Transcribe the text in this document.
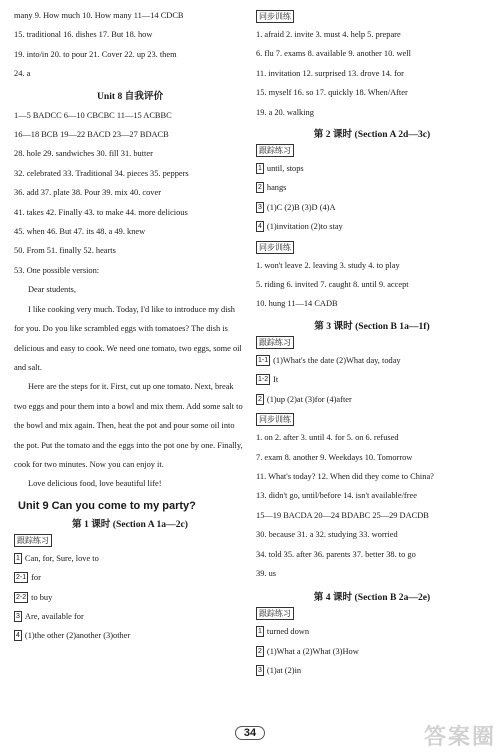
many 9. How much 10. How many 11—14 CDCB
15. traditional 16. dishes 17. But 18. how
19. into/in 20. to pour 21. Cover 22. up 23. them
24. a
Unit 8 自我评价
1—5 BADCC 6—10 CBCBC 11—15 ACBBC
16—18 BCB 19—22 BACD 23—27 BDACB
28. hole 29. sandwiches 30. fill 31. butter
32. celebrated 33. Traditional 34. pieces 35. peppers
36. add 37. plate 38. Pour 39. mix 40. cover
41. takes 42. Finally 43. to make 44. more delicious
45. when 46. But 47. its 48. a 49. knew
50. From 51. finally 52. hearts
53. One possible version:
Dear students,
I like cooking very much. Today, I'd like to introduce my dish for you. Do you like scrambled eggs with tomatoes? The dish is delicious and easy to cook. We need one tomato, two eggs, some oil and salt.
Here are the steps for it. First, cut up one tomato. Next, break two eggs and pour them into a bowl and mix them. Add some salt to the bowl and mix again. Then, heat the pot and pour some oil into the pot. Put the tomato and the eggs into the pot one by one. Finally, cook for two minutes. Now you can enjoy it.
Love delicious food, love beautiful life!
Unit 9 Can you come to my party?
第 1 课时 (Section A 1a—2c)
跟踪练习
1 Can, for, Sure, love to
2-1 for
2-2 to buy
3 Are, available for
4 (1)the other (2)another (3)other
同步训练
1. afraid 2. invite 3. must 4. help 5. prepare
6. flu 7. exams 8. available 9. another 10. well
11. invitation 12. surprised 13. drove 14. for
15. myself 16. so 17. quickly 18. When/After
19. a 20. walking
第 2 课时 (Section A 2d—3c)
跟踪练习
1 until, stops
2 hangs
3 (1)C (2)B (3)D (4)A
4 (1)invitation (2)to stay
同步训练
1. won't leave 2. leaving 3. study 4. to play
5. riding 6. invited 7. caught 8. until 9. accept
10. hung 11—14 CADB
第 3 课时 (Section B 1a—1f)
跟踪练习
1-1 (1)What's the date (2)What day, today
1-2 It
2 (1)up (2)at (3)for (4)after
同步训练
1. on 2. after 3. until 4. for 5. on 6. refused
7. exam 8. another 9. Weekdays 10. Tomorrow
11. What's today? 12. When did they come to China?
13. didn't go, until/before 14. isn't available/free
15—19 BACDA 20—24 BDABC 25—29 DACDB
30. because 31. a 32. studying 33. worried
34. told 35. after 36. parents 37. better 38. to go
39. us
第 4 课时 (Section B 2a—2e)
跟踪练习
1 turned down
2 (1)What a (2)What (3)How
3 (1)at (2)in
34	答案圈
